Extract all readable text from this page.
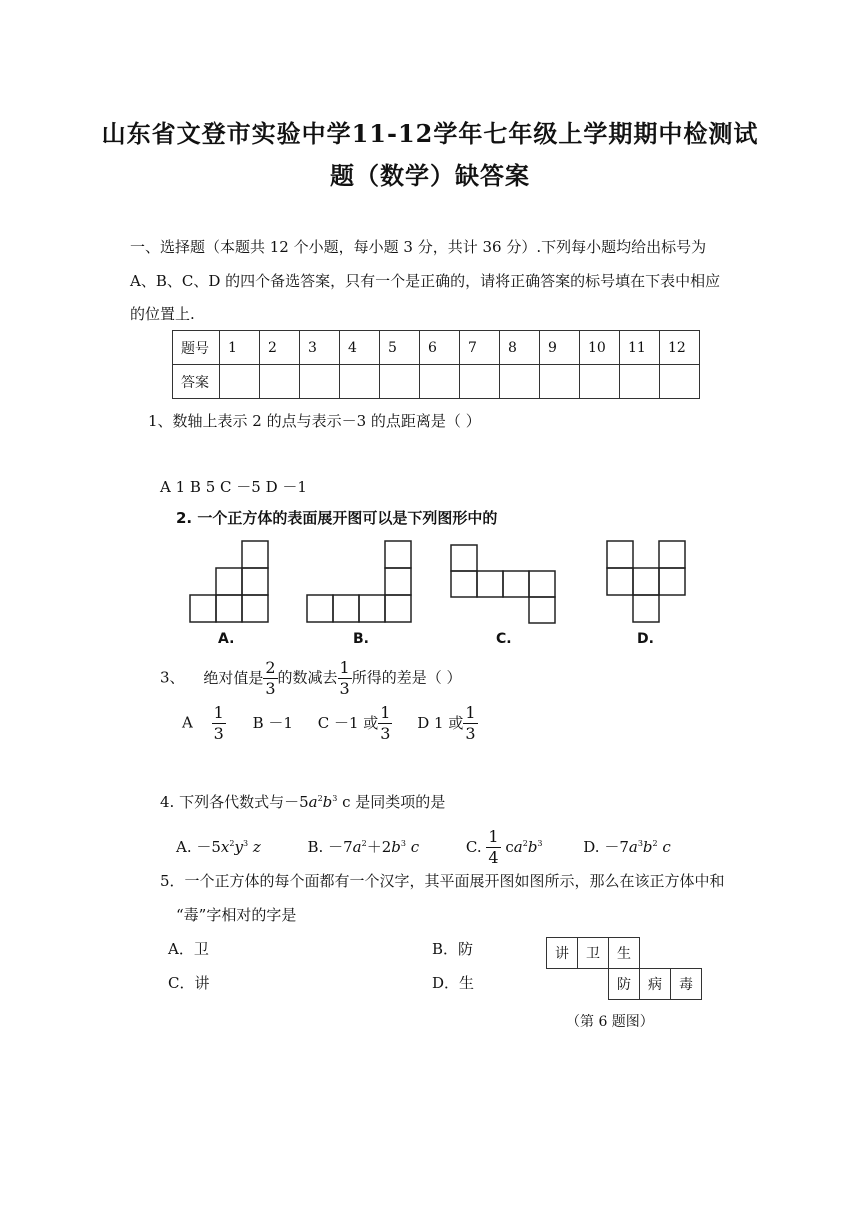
山东省文登市实验中学11-12学年七年级上学期期中检测试
题（数学）缺答案
一、选择题（本题共 12 个小题，每小题 3 分，共计 36 分）.下列每小题均给出标号为
A、B、C、D 的四个备选答案，只有一个是正确的，请将正确答案的标号填在下表中相应
的位置上.
题号	1	2	3	4	5	6	7	8	9	10	11	12
答案												
1、数轴上表示 2 的点与表示－3 的点距离是（ ）
A 1 B 5 C －5 D －1
2. 一个正方体的表面展开图可以是下列图形中的
A.	B.	C.	D.
3、 绝对值是 $\frac{2}{3}$ 的数减去 $\frac{1}{3}$ 所得的差是（ ）
A $\frac{1}{3}$ B －1 C －1 或 $\frac{1}{3}$ D 1 或 $\frac{1}{3}$
4. 下列各代数式与$-5a^2b^3$ c 是同类项的是
A. $-5x^2y^3$ z	B. $-7a^2+2b^3$ c	C. $\frac{1}{4} ca^2b^3$	D. $-7a^3b^2$ c
5．一个正方体的每个面都有一个汉字，其平面展开图如图所示，那么在该正方体中和
“毒”字相对的字是
A．卫	B．防
C．讲	D．生
讲	卫	生		
		防	病	毒
（第 6 题图）
